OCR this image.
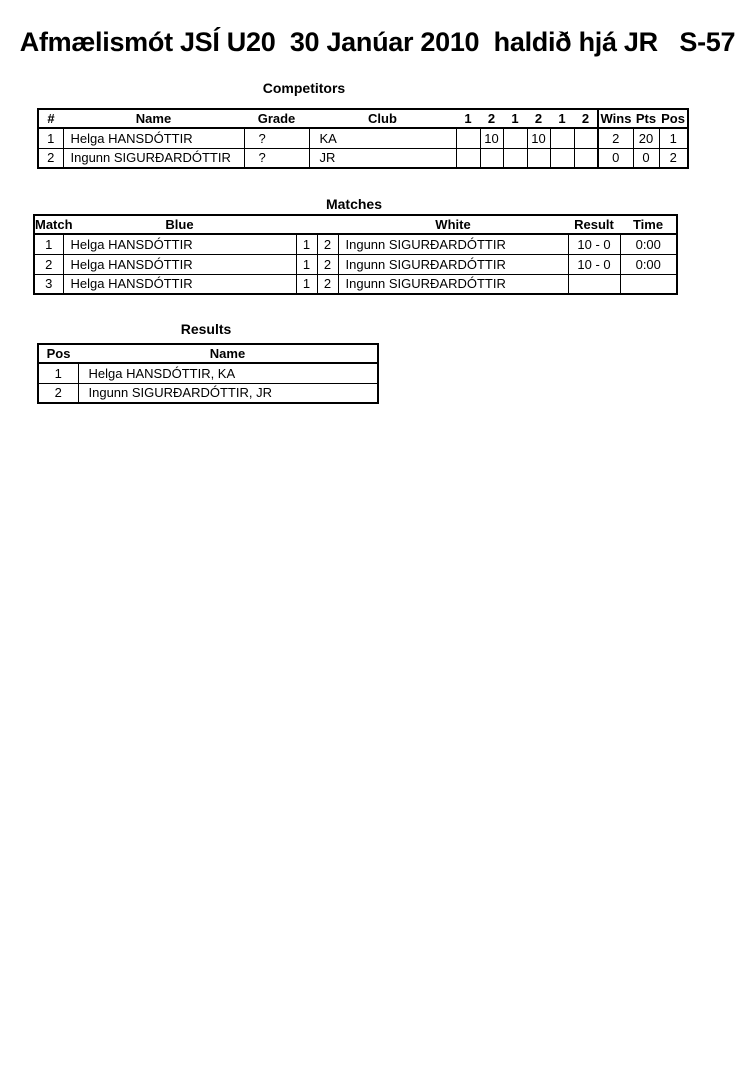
Afmælismót JSÍ U20  30 Janúar 2010  haldið hjá JR   S-57
Competitors
#	Name	Grade	Club	1	2	1	2	1	2	Wins	Pts	Pos
1	Helga HANSDÓTTIR	?	KA		10		10			2	20	1
2	Ingunn SIGURÐARDÓTTIR	?	JR							0	0	2
Matches
Match	Blue			White	Result	Time
1	Helga HANSDÓTTIR	1	2	Ingunn SIGURÐARDÓTTIR	10 - 0	0:00
2	Helga HANSDÓTTIR	1	2	Ingunn SIGURÐARDÓTTIR	10 - 0	0:00
3	Helga HANSDÓTTIR	1	2	Ingunn SIGURÐARDÓTTIR		
Results
Pos	Name
1	Helga HANSDÓTTIR, KA
2	Ingunn SIGURÐARDÓTTIR, JR
